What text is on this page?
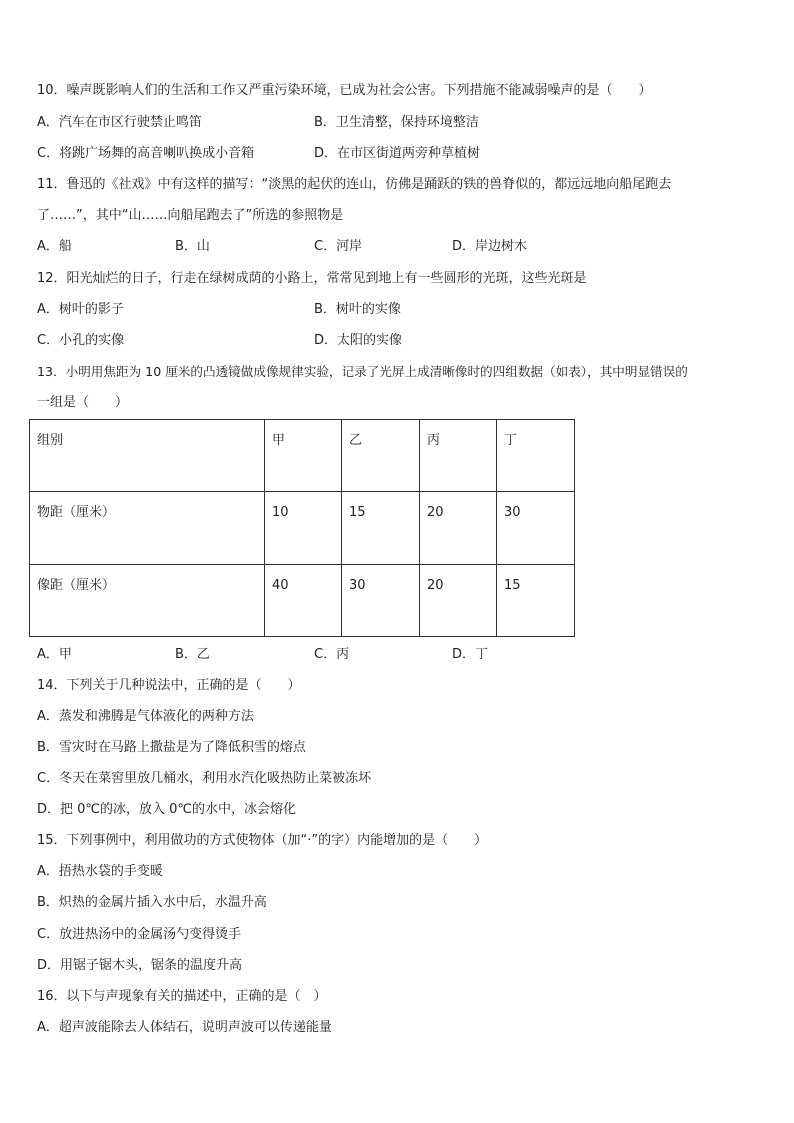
10．噪声既影响人们的生活和工作又严重污染环境，已成为社会公害。下列措施不能减弱噪声的是（　　）
A．汽车在市区行驶禁止鸣笛	B．卫生清整，保持环境整洁
C．将跳广场舞的高音喇叭换成小音箱	D．在市区街道两旁种草植树
11．鲁迅的《社戏》中有这样的描写：“淡黑的起伏的连山，仿佛是踊跃的铁的兽脊似的，都远远地向船尾跑去
了……”，其中“山……向船尾跑去了”所选的参照物是
A．船	B．山	C．河岸	D．岸边树木
12．阳光灿烂的日子，行走在绿树成荫的小路上，常常见到地上有一些圆形的光斑，这些光斑是
A．树叶的影子	B．树叶的实像
C．小孔的实像	D．太阳的实像
13．小明用焦距为 10 厘米的凸透镜做成像规律实验，记录了光屏上成清晰像时的四组数据（如表），其中明显错误的
一组是（　　）
组别	甲	乙	丙	丁
物距（厘米）	10	15	20	30
像距（厘米）	40	30	20	15
A．甲	B．乙	C．丙	D．丁
14．下列关于几种说法中，正确的是（　　）
A．蒸发和沸腾是气体液化的两种方法
B．雪灾时在马路上撒盐是为了降低积雪的熔点
C．冬天在菜窖里放几桶水，利用水汽化吸热防止菜被冻坏
D．把 0℃的冰，放入 0℃的水中，冰会熔化
15．下列事例中，利用做功的方式使物体（加“·”的字）内能增加的是（　　）
A．捂热水袋的手变暖
B．炽热的金属片插入水中后，水温升高
C．放进热汤中的金属汤勺变得烫手
D．用锯子锯木头，锯条的温度升高
16．以下与声现象有关的描述中，正确的是（　）
A．超声波能除去人体结石，说明声波可以传递能量
